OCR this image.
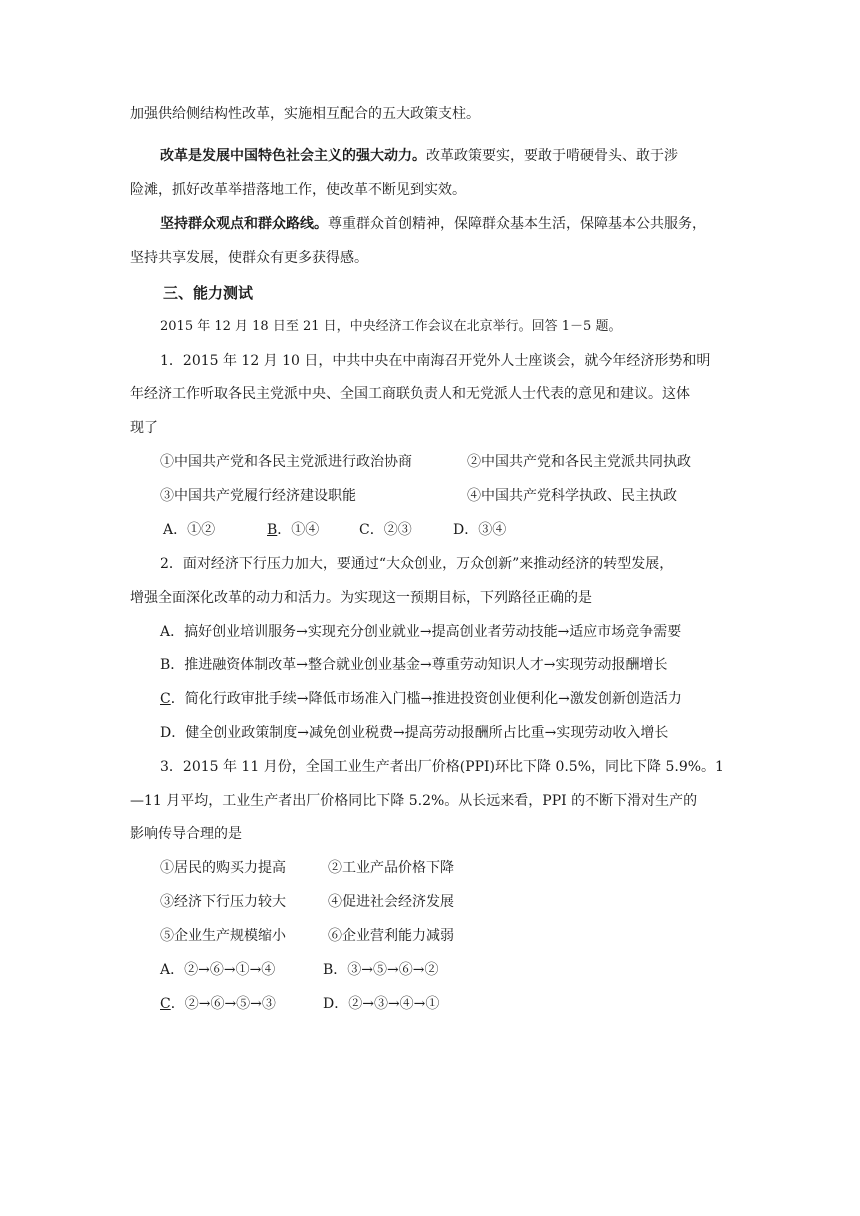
加强供给侧结构性改革，实施相互配合的五大政策支柱。
改革是发展中国特色社会主义的强大动力。改革政策要实，要敢于啃硬骨头、敢于涉
险滩，抓好改革举措落地工作，使改革不断见到实效。
坚持群众观点和群众路线。尊重群众首创精神，保障群众基本生活，保障基本公共服务，
坚持共享发展，使群众有更多获得感。
三、能力测试
2015 年 12 月 18 日至 21 日，中央经济工作会议在北京举行。回答 1－5 题。
1．2015 年 12 月 10 日，中共中央在中南海召开党外人士座谈会，就今年经济形势和明
年经济工作听取各民主党派中央、全国工商联负责人和无党派人士代表的意见和建议。这体
现了
①中国共产党和各民主党派进行政治协商	②中国共产党和各民主党派共同执政
③中国共产党履行经济建设职能	④中国共产党科学执政、民主执政
A．①②	B．①④	C．②③	D．③④
2．面对经济下行压力加大，要通过“大众创业，万众创新”来推动经济的转型发展，
增强全面深化改革的动力和活力。为实现这一预期目标，下列路径正确的是
A．搞好创业培训服务→实现充分创业就业→提高创业者劳动技能→适应市场竞争需要
B．推进融资体制改革→整合就业创业基金→尊重劳动知识人才→实现劳动报酬增长
C．简化行政审批手续→降低市场准入门槛→推进投资创业便利化→激发创新创造活力
D．健全创业政策制度→减免创业税费→提高劳动报酬所占比重→实现劳动收入增长
3．2015 年 11 月份，全国工业生产者出厂价格(PPI)环比下降 0.5%，同比下降 5.9%。1
—11 月平均，工业生产者出厂价格同比下降 5.2%。从长远来看，PPI 的不断下滑对生产的
影响传导合理的是
①居民的购买力提高	②工业产品价格下降
③经济下行压力较大	④促进社会经济发展
⑤企业生产规模缩小	⑥企业营利能力减弱
A．②→⑥→①→④	B．③→⑤→⑥→②
C．②→⑥→⑤→③	D．②→③→④→①
